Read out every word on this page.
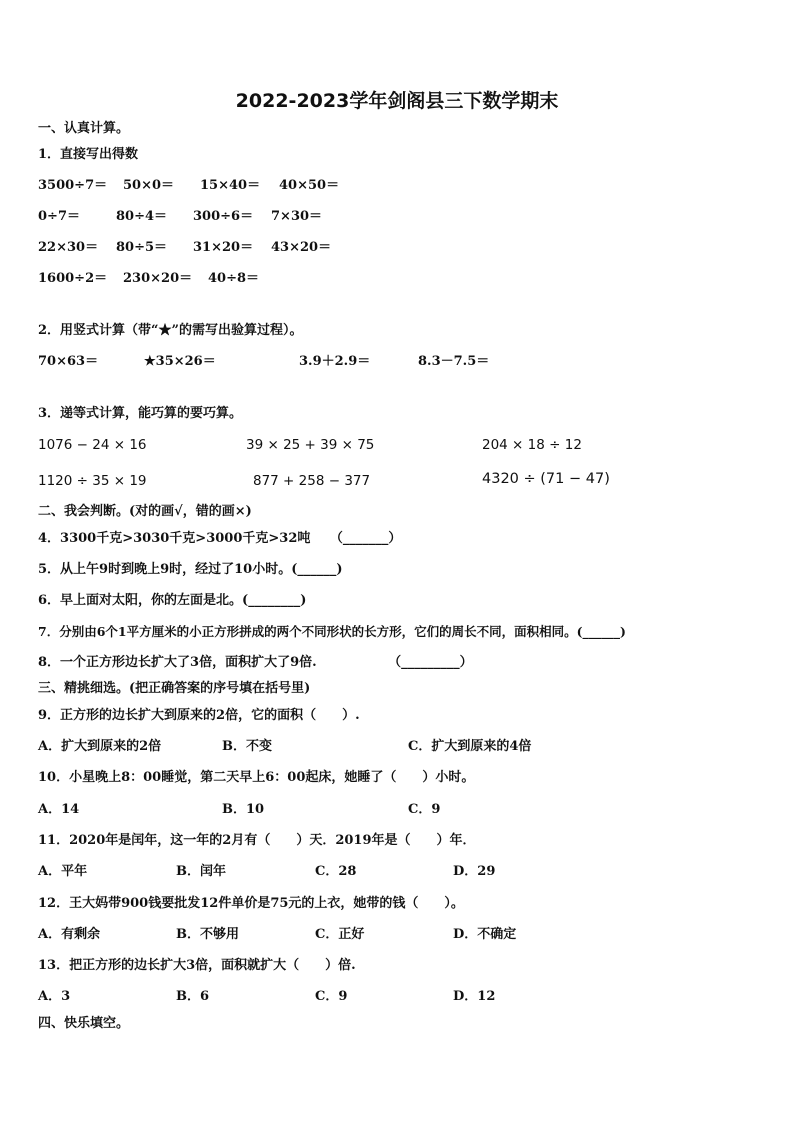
2022-2023学年剑阁县三下数学期末
一、认真计算。
1．直接写出得数
3500÷7＝ 50×0＝ 15×40＝ 40×50＝
0÷7＝	80÷4＝ 300÷6＝ 7×30＝
22×30＝ 80÷5＝ 31×20＝ 43×20＝
1600÷2＝ 230×20＝ 40÷8＝
2．用竖式计算（带“★”的需写出验算过程）。
70×63＝	★35×26＝	3.9＋2.9＝	8.3－7.5＝
3．递等式计算，能巧算的要巧算。
1076 − 24 × 16	39 × 25 + 39 × 75	204 × 18 ÷ 12
1120 ÷ 35 × 19	877 + 258 − 377	4320 ÷ (71 − 47)
二、我会判断。(对的画√，错的画×)
4．3300千克>3030千克>3000千克>32吨　　（_______）
5．从上午9时到晚上9时，经过了10小时。(______)
6．早上面对太阳，你的左面是北。(________)
7．分别由6个1平方厘米的小正方形拼成的两个不同形状的长方形，它们的周长不同，面积相同。(______)
8．一个正方形边长扩大了3倍，面积扩大了9倍.　　　　　　（_________）
三、精挑细选。(把正确答案的序号填在括号里)
9．正方形的边长扩大到原来的2倍，它的面积（　　）.
A．扩大到原来的2倍	B．不变	C．扩大到原来的4倍
10．小星晚上8：00睡觉，第二天早上6：00起床，她睡了（　　）小时。
A．14	B．10	C．9
11．2020年是闰年，这一年的2月有（　　）天．2019年是（　　）年．
A．平年	B．闰年	C．28	D．29
12．王大妈带900钱要批发12件单价是75元的上衣，她带的钱（　　）。
A．有剩余	B．不够用	C．正好	D．不确定
13．把正方形的边长扩大3倍，面积就扩大（　　）倍.
A．3	B．6	C．9	D．12
四、快乐填空。
